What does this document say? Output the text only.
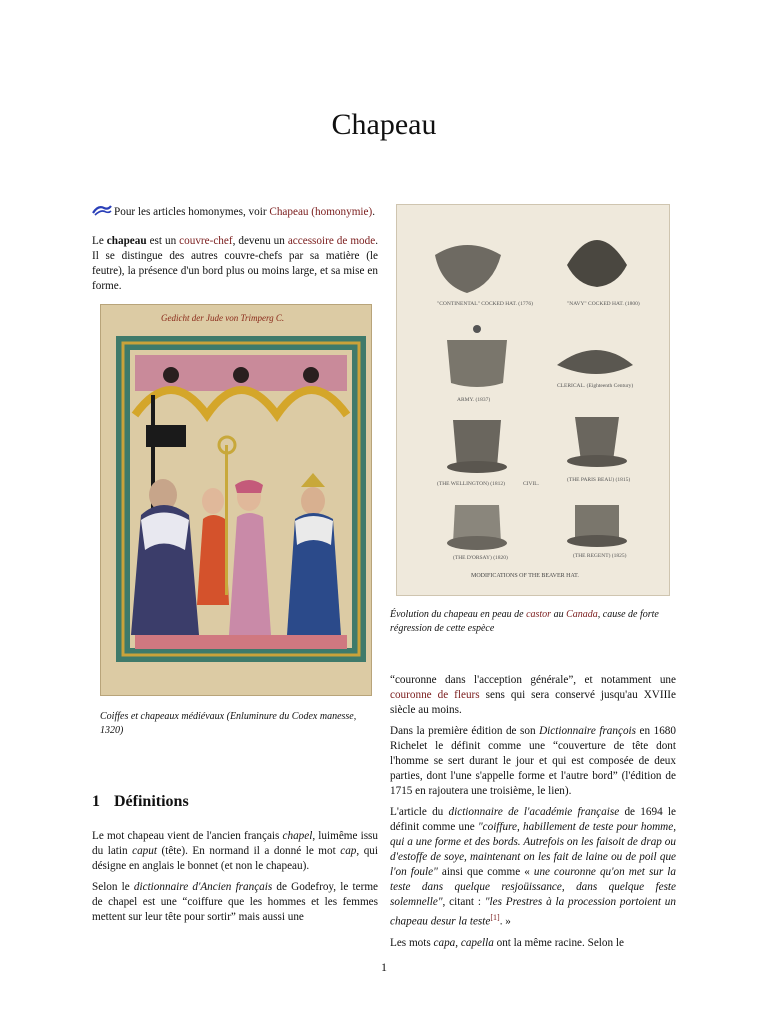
Chapeau

Pour les articles homonymes, voir Chapeau (homonymie).

Le chapeau est un couvre-chef, devenu un accessoire de mode. Il se distingue des autres couvre-chefs par sa matière (le feutre), la présence d'un bord plus ou moins large, et sa mise en forme.

Gedicht der Jude von Trimperg C.
Coiffes et chapeaux médiévaux (Enluminure du Codex manesse, 1320)
1 Définitions

Le mot chapeau vient de l'ancien français chapel, luimême issu du latin caput (tête). En normand il a donné le mot cap, qui désigne en anglais le bonnet (et non le chapeau).

Selon le dictionnaire d'Ancien français de Godefroy, le terme de chapel est une “coiffure que les hommes et les femmes mettent sur leur tête pour sortir” mais aussi une

"CONTINENTAL" COCKED HAT. (1776)	"NAVY" COCKED HAT. (1800)
ARMY. (1837)
CLERICAL. (Eighteenth Century)
(THE WELLINGTON) (1812)	CIVIL.
(THE PARIS BEAU) (1815)
(THE D'ORSAY) (1820)	(THE REGENT) (1825)
MODIFICATIONS OF THE BEAVER HAT.
Évolution du chapeau en peau de castor au Canada, cause de forte régression de cette espèce

“couronne dans l'acception générale”, et notamment une couronne de fleurs sens qui sera conservé jusqu'au XVIIIe siècle au moins.

Dans la première édition de son Dictionnaire françois en 1680 Richelet le définit comme une “couverture de tête dont l'homme se sert durant le jour et qui est composée de deux parties, dont l'une s'appelle forme et l'autre bord” (l'édition de 1715 en rajoutera une troisième, le lien).

L'article du dictionnaire de l'académie française de 1694 le définit comme une "coiffure, habillement de teste pour homme, qui a une forme et des bords. Autrefois on les faisoit de drap ou d'estoffe de soye, maintenant on les fait de laine ou de poil que l'on foule" ainsi que comme « une couronne qu'on met sur la teste dans quelque resjoüissance, dans quelque feste solemnelle", citant : "les Prestres à la procession portoient un chapeau desur la teste[1]. »

Les mots capa, capella ont la même racine. Selon le

1
